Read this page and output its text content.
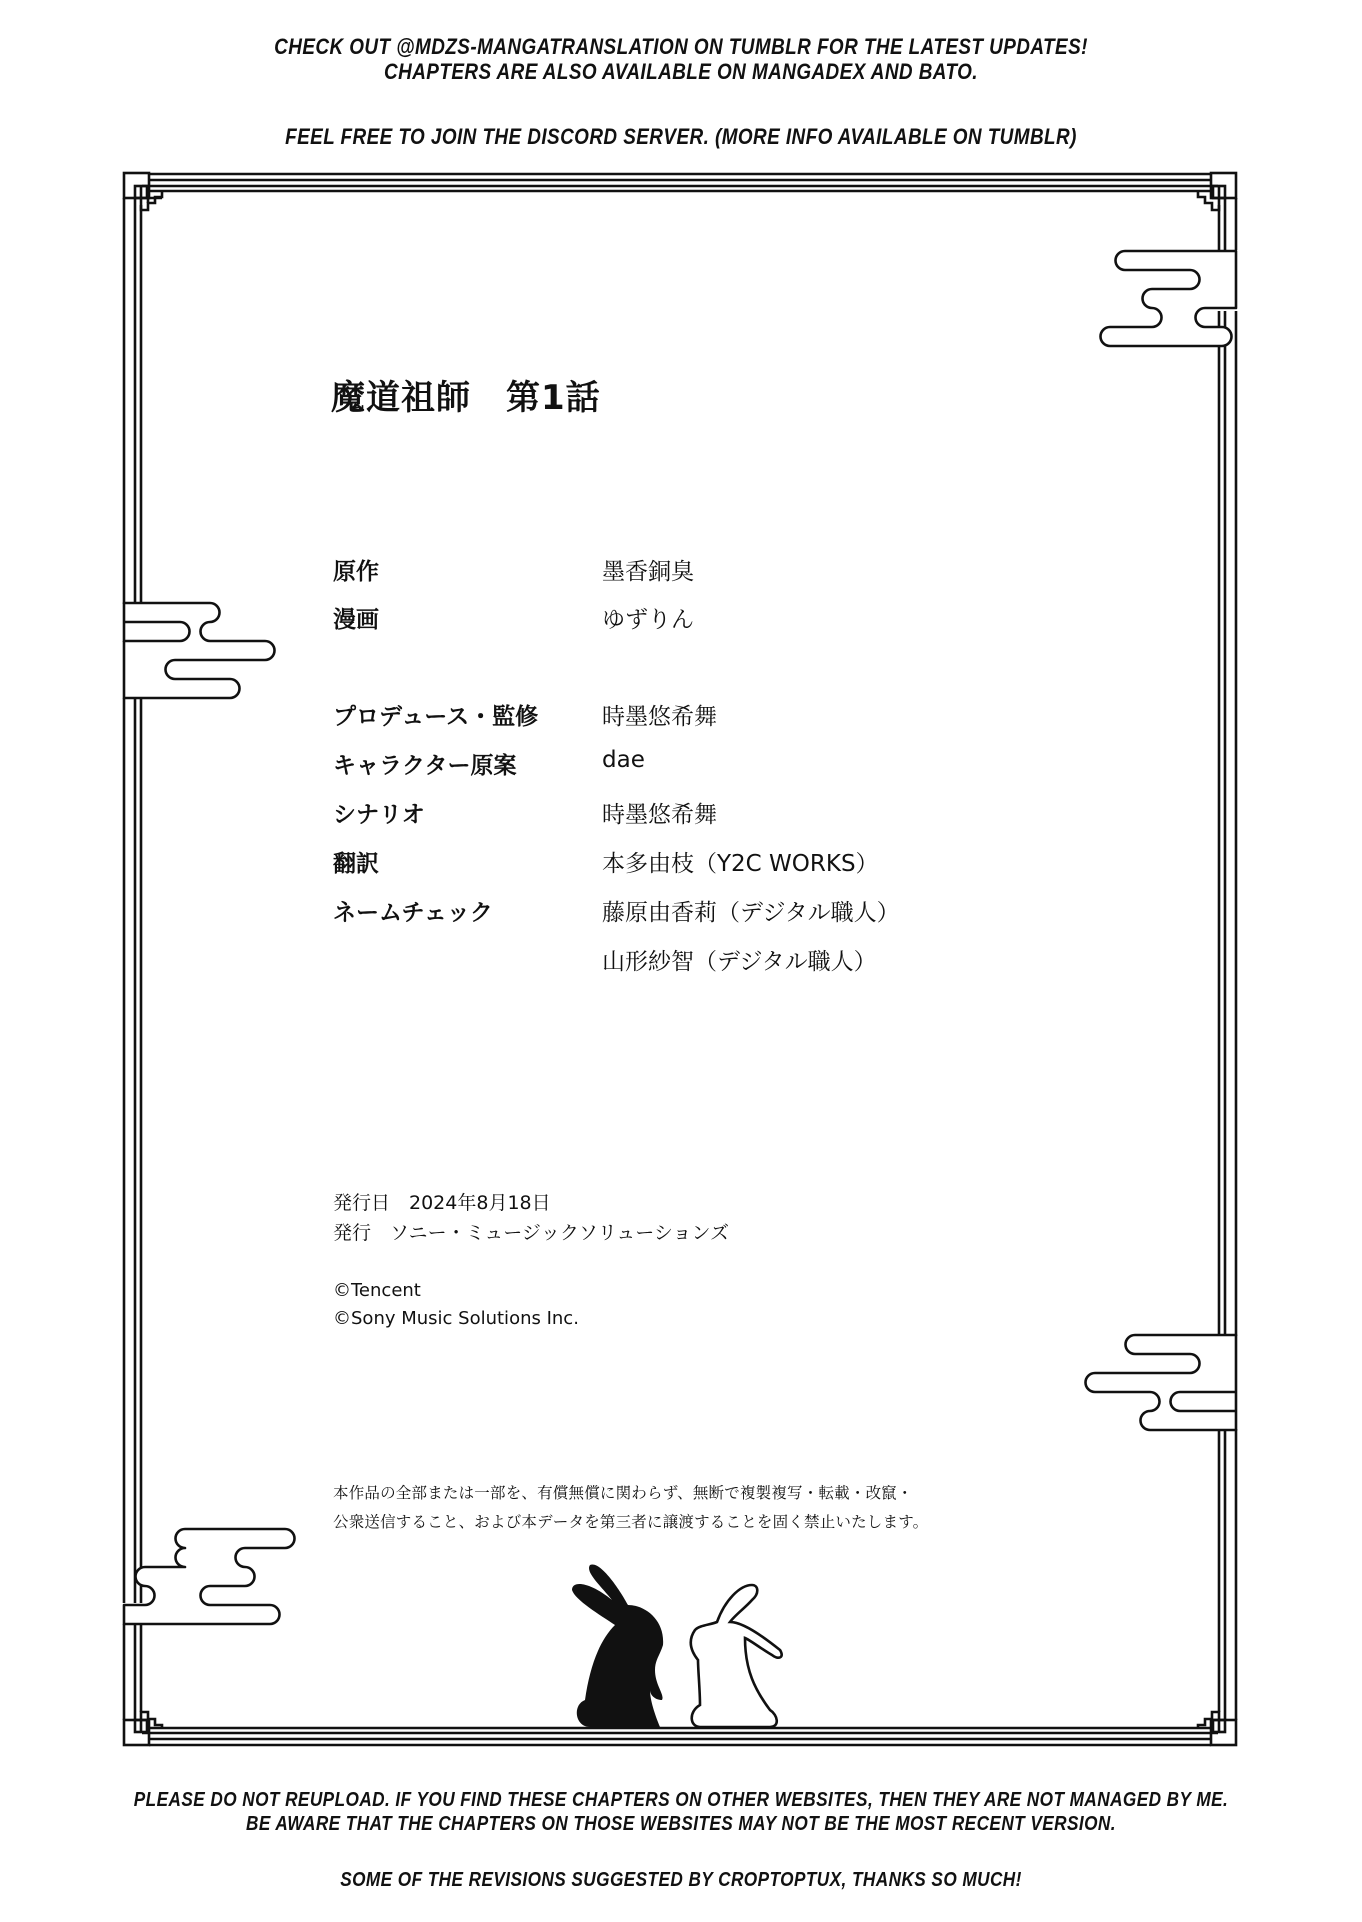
CHECK OUT @MDZS-MANGATRANSLATION ON TUMBLR FOR THE LATEST UPDATES!
CHAPTERS ARE ALSO AVAILABLE ON MANGADEX AND BATO.
FEEL FREE TO JOIN THE DISCORD SERVER. (MORE INFO AVAILABLE ON TUMBLR)
魔道祖師　第1話
原作	墨香銅臭
漫画	ゆずりん
プロデュース・監修	時墨悠希舞
キャラクター原案	dae
シナリオ	時墨悠希舞
翻訳	本多由枝（Y2C WORKS）
ネームチェック	藤原由香莉（デジタル職人）
山形紗智（デジタル職人）
発行日　2024年8月18日
発行　ソニー・ミュージックソリューションズ
©Tencent
©Sony Music Solutions Inc.
本作品の全部または一部を、有償無償に関わらず、無断で複製複写・転載・改竄・
公衆送信すること、および本データを第三者に譲渡することを固く禁止いたします。
PLEASE DO NOT REUPLOAD. IF YOU FIND THESE CHAPTERS ON OTHER WEBSITES, THEN THEY ARE NOT MANAGED BY ME.
BE AWARE THAT THE CHAPTERS ON THOSE WEBSITES MAY NOT BE THE MOST RECENT VERSION.
SOME OF THE REVISIONS SUGGESTED BY CROPTOPTUX, THANKS SO MUCH!
